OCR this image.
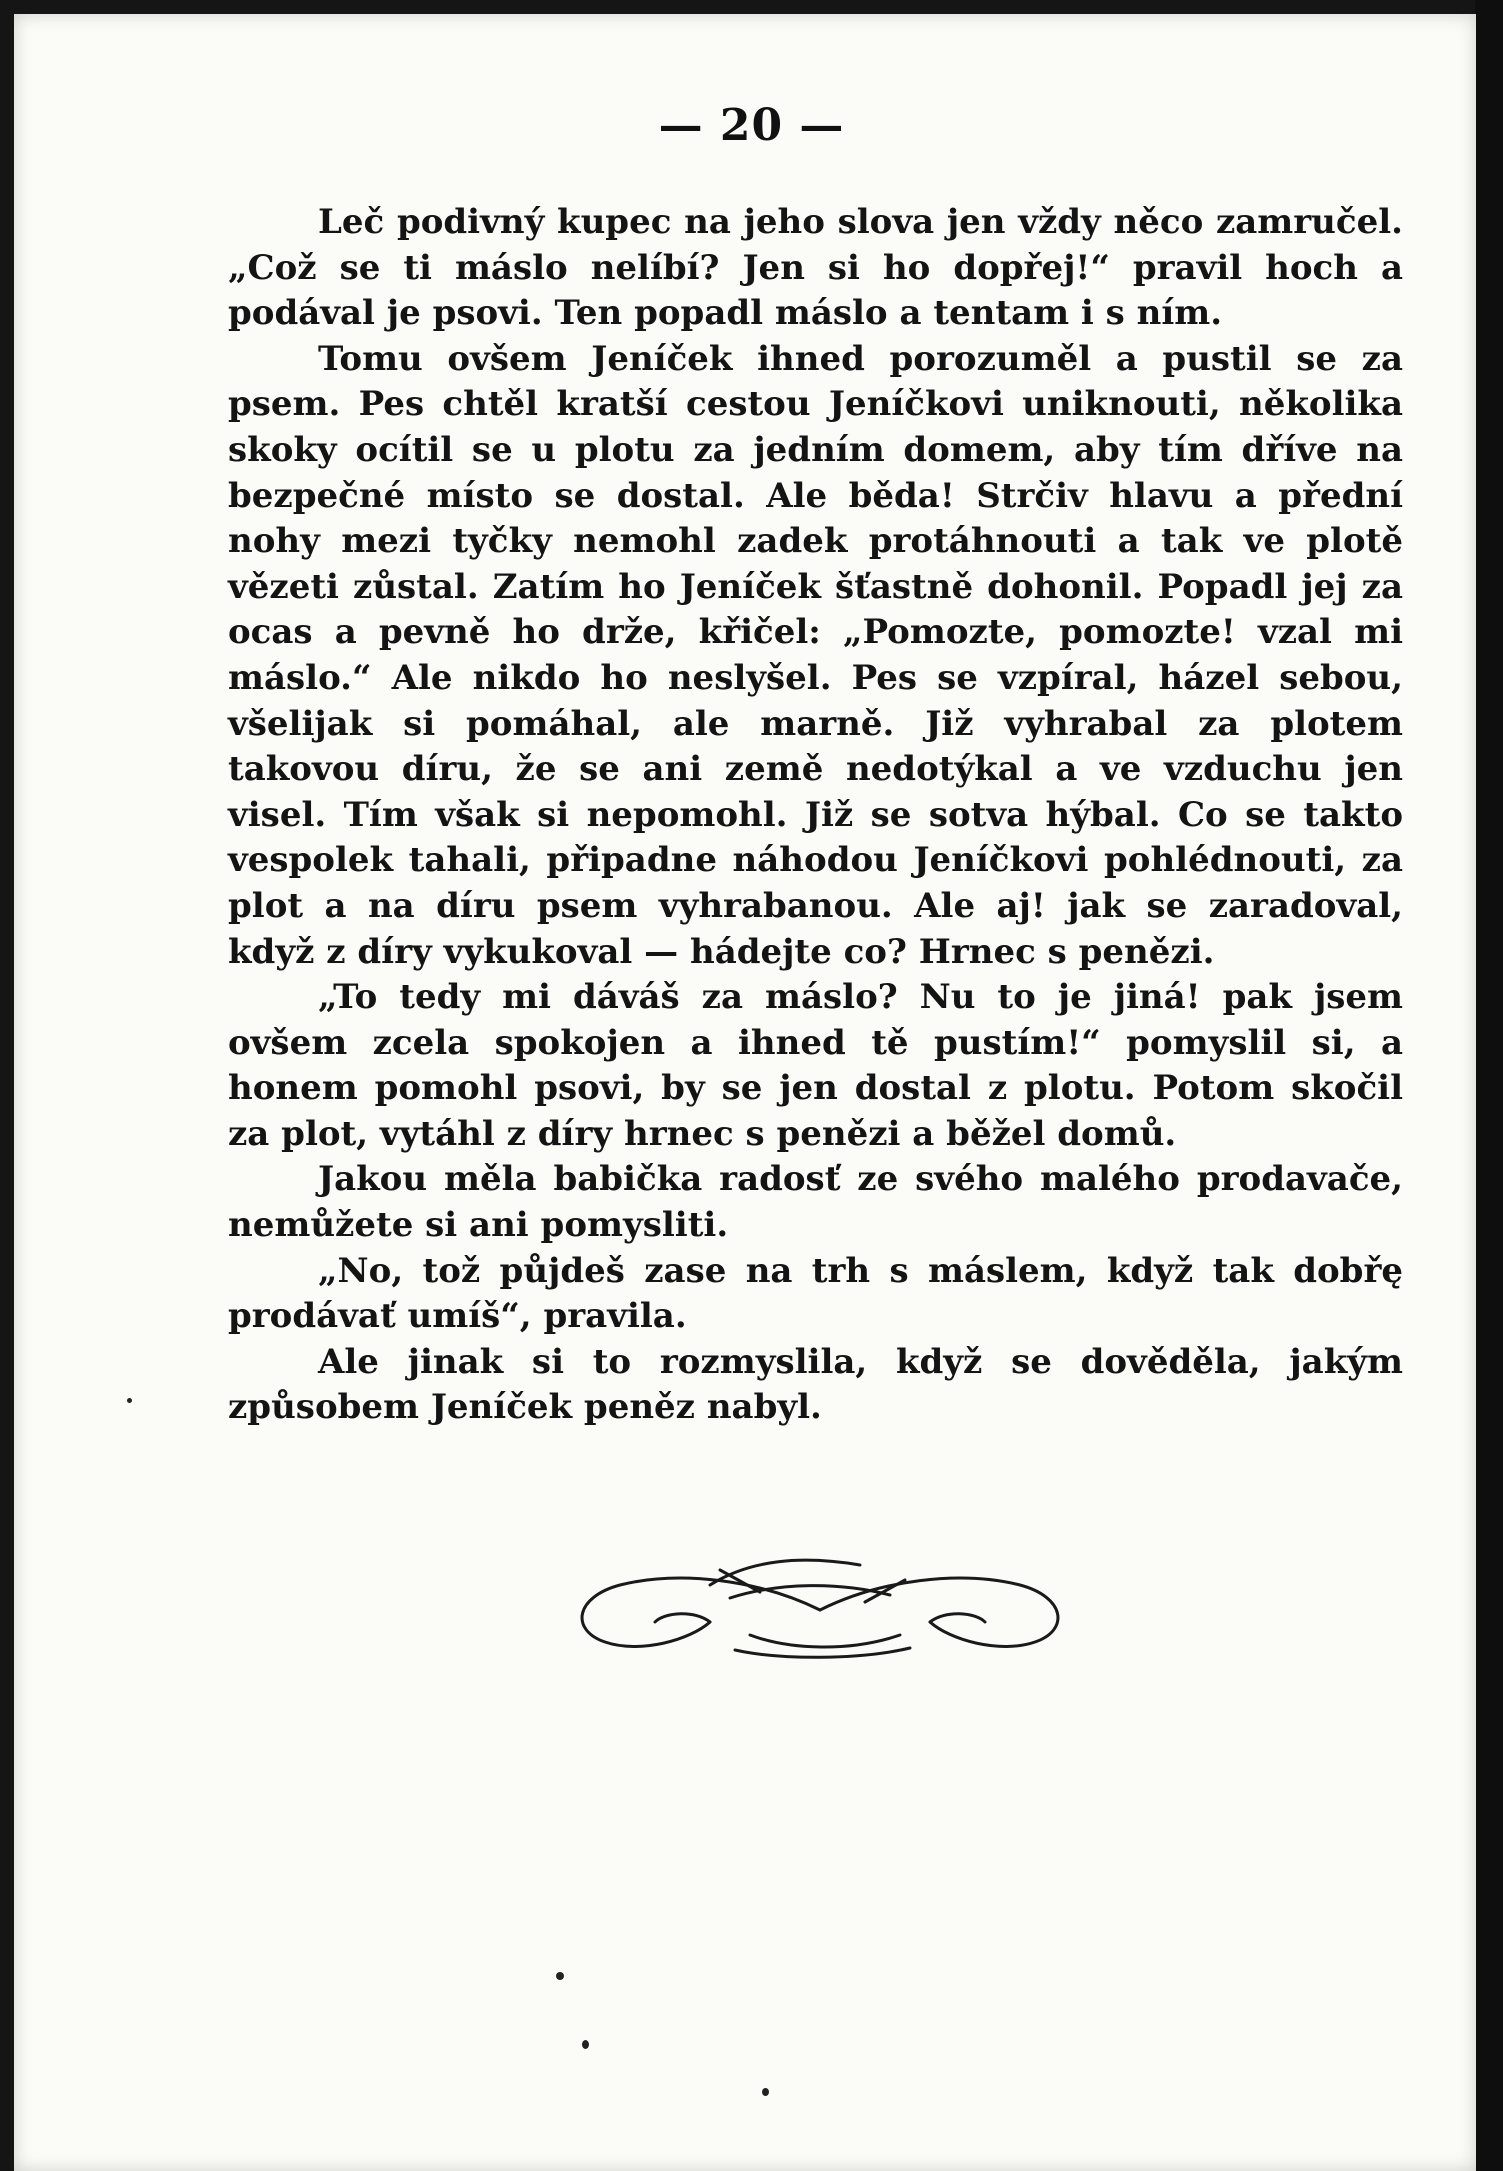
— 20 —

Leč podivný kupec na jeho slova jen vždy něco zamručel. „Což se ti máslo nelíbí? Jen si ho dopřej!“ pravil hoch a podával je psovi. Ten popadl máslo a tentam i s ním.

Tomu ovšem Jeníček ihned porozuměl a pustil se za psem. Pes chtěl kratší cestou Jeníčkovi uniknouti, několika skoky ocítil se u plotu za jedním domem, aby tím dříve na bezpečné místo se dostal. Ale běda! Strčiv hlavu a přední nohy mezi tyčky nemohl zadek protáhnouti a tak ve plotě vězeti zůstal. Zatím ho Jeníček šťastně dohonil. Popadl jej za ocas a pevně ho drže, křičel: „Pomozte, pomozte! vzal mi máslo.“ Ale nikdo ho neslyšel. Pes se vzpíral, házel sebou, všelijak si pomáhal, ale marně. Již vyhrabal za plotem takovou díru, že se ani země nedotýkal a ve vzduchu jen visel. Tím však si nepomohl. Již se sotva hýbal. Co se takto vespolek tahali, připadne náhodou Jeníčkovi pohlédnouti, za plot a na díru psem vyhrabanou. Ale aj! jak se zaradoval, když z díry vykukoval — hádejte co? Hrnec s penězi.

„To tedy mi dáváš za máslo? Nu to je jiná! pak jsem ovšem zcela spokojen a ihned tě pustím!“ pomyslil si, a honem pomohl psovi, by se jen dostal z plotu. Potom skočil za plot, vytáhl z díry hrnec s penězi a běžel domů.

Jakou měla babička radosť ze svého malého prodavače, nemůžete si ani pomysliti.

„No, tož půjdeš zase na trh s máslem, když tak dobřę prodávať umíš“, pravila.

Ale jinak si to rozmyslila, když se dověděla, jakým způsobem Jeníček peněz nabyl.
